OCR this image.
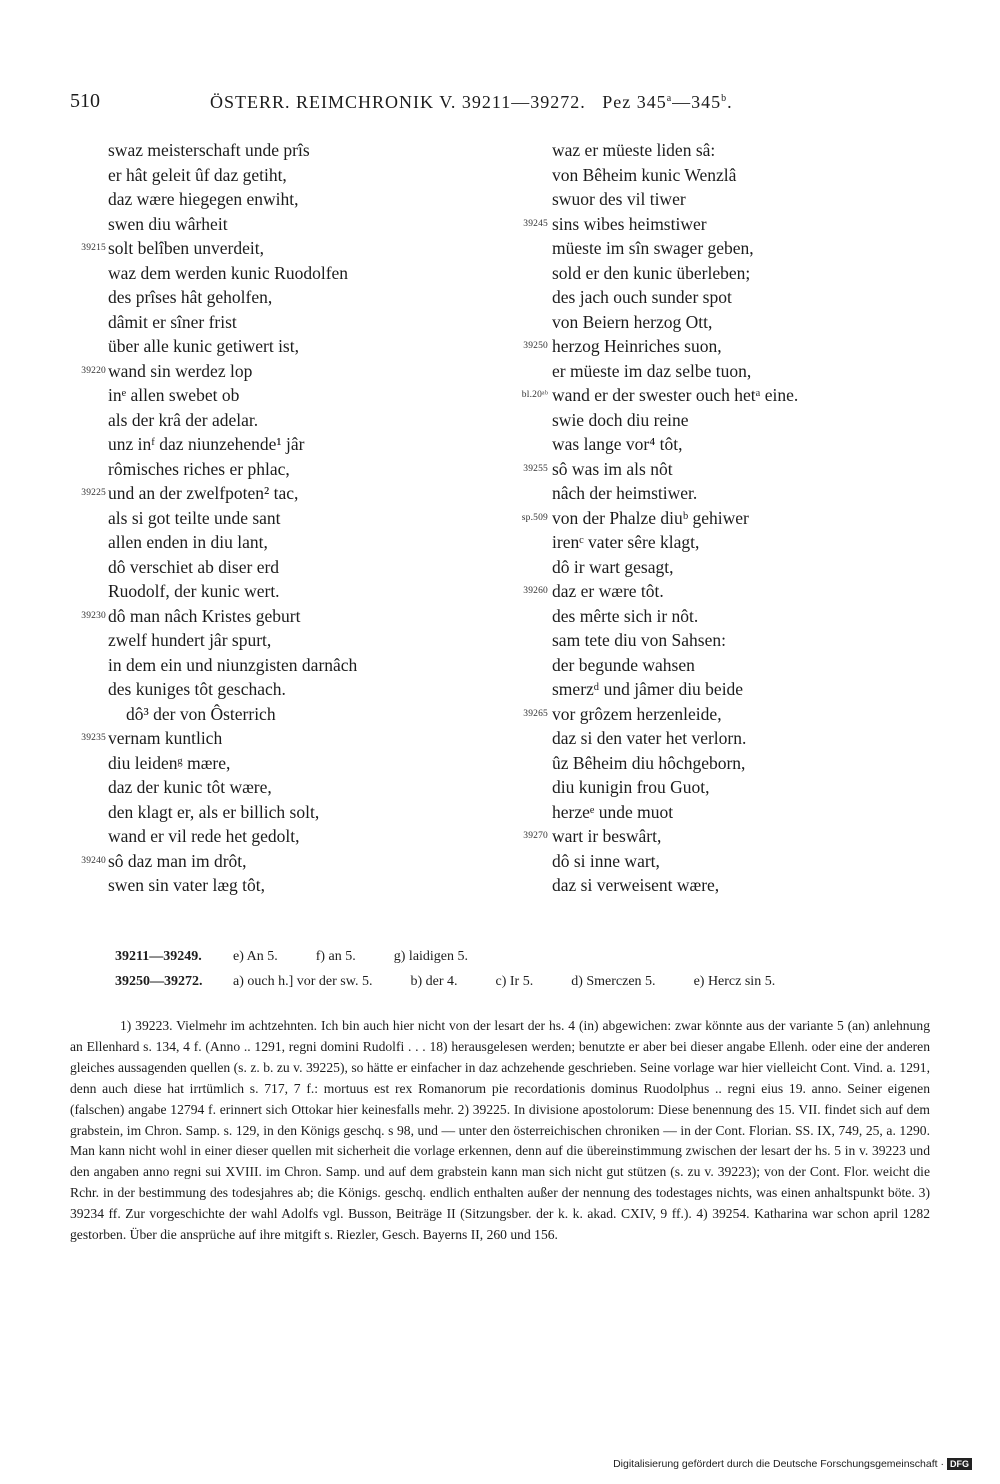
510	ÖSTERR. REIMCHRONIK V. 39211—39272. Pez 345$^a$—345$^b$.
swaz meisterschaft unde prîs
er hât geleit ûf daz getiht,
daz wære hiegegen enwiht,
swen diu wârheit
39215 solt belîben unverdeit,
waz dem werden kunic Ruodolfen
des prîses hât geholfen,
dâmit er sîner frist
über alle kunic getiwert ist,
39220 wand sin werdez lop
inᵉ allen swebet ob
als der krâ der adelar.
unz inᶠ daz niunzehende¹ jâr
rômisches riches er phlac,
39225 und an der zwelfpoten² tac,
als si got teilte unde sant
allen enden in diu lant,
dô verschiet ab diser erd
Ruodolf, der kunic wert.
39230 dô man nâch Kristes geburt
zwelf hundert jâr spurt,
in dem ein und niunzgisten darnâch
des kuniges tôt geschach.
dô³ der von Ôsterrich
39235 vernam kuntlich
diu leidenᵍ mære,
daz der kunic tôt wære,
den klagt er, als er billich solt,
wand er vil rede het gedolt,
39240 sô daz man im drôt,
swen sin vater læg tôt,
waz er müeste liden sâ:
von Bêheim kunic Wenzlâ
swuor des vil tiwer
39245 sins wibes heimstiwer
müeste im sîn swager geben,
sold er den kunic überleben;
des jach ouch sunder spot
von Beiern herzog Ott,
39250 herzog Heinriches suon,
er müeste im daz selbe tuon,
bl.20ᵃᵇ wand er der swester ouch hetᵃ eine.
swie doch diu reine
was lange vor⁴ tôt,
39255 sô was im als nôt
nâch der heimstiwer.
sp.509 von der Phalze diuᵇ gehiwer
irenᶜ vater sêre klagt,
dô ir wart gesagt,
39260 daz er wære tôt.
des mêrte sich ir nôt.
sam tete diu von Sahsen:
der begunde wahsen
smerzᵈ und jâmer diu beide
39265 vor grôzem herzenleide,
daz si den vater het verlorn.
ûz Bêheim diu hôchgeborn,
diu kunigin frou Guot,
herzeᵉ unde muot
39270 wart ir beswârt,
dô si inne wart,
daz si verweisent wære,
39211—39249. e) An 5.	f) an 5.	g) laidigen 5.
39250—39272. a) ouch h.] vor der sw. 5.	b) der 4.	c) Ir 5.	d) Smerczen 5.	e) Hercz sin 5.

1) 39223. Vielmehr im achtzehnten. Ich bin auch hier nicht von der lesart der hs. 4 (in) abgewichen: zwar könnte aus der variante 5 (an) anlehnung an Ellenhard s. 134, 4 f. (Anno .. 1291, regni domini Rudolfi . . . 18) herausgelesen werden; benutzte er aber bei dieser angabe Ellenh. oder eine der anderen gleiches aussagenden quellen (s. z. b. zu v. 39225), so hätte er einfacher in daz achzehende geschrieben. Seine vorlage war hier vielleicht Cont. Vind. a. 1291, denn auch diese hat irrtümlich s. 717, 7 f.: mortuus est rex Romanorum pie recordationis dominus Ruodolphus .. regni eius 19. anno. Seiner eigenen (falschen) angabe 12794 f. erinnert sich Ottokar hier keinesfalls mehr. 2) 39225. In divisione apostolorum: Diese benennung des 15. VII. findet sich auf dem grabstein, im Chron. Samp. s. 129, in den Königs geschq. s 98, und — unter den österreichischen chroniken — in der Cont. Florian. SS. IX, 749, 25, a. 1290. Man kann nicht wohl in einer dieser quellen mit sicherheit die vorlage erkennen, denn auf die übereinstimmung zwischen der lesart der hs. 5 in v. 39223 und den angaben anno regni sui XVIII. im Chron. Samp. und auf dem grabstein kann man sich nicht gut stützen (s. zu v. 39223); von der Cont. Flor. weicht die Rchr. in der bestimmung des todesjahres ab; die Königs. geschq. endlich enthalten außer der nennung des todestages nichts, was einen anhaltspunkt böte. 3) 39234 ff. Zur vorgeschichte der wahl Adolfs vgl. Busson, Beiträge II (Sitzungsber. der k. k. akad. CXIV, 9 ff.). 4) 39254. Katharina war schon april 1282 gestorben. Über die ansprüche auf ihre mitgift s. Riezler, Gesch. Bayerns II, 260 und 156.

Digitalisierung gefördert durch die Deutsche Forschungsgemeinschaft · DFG
